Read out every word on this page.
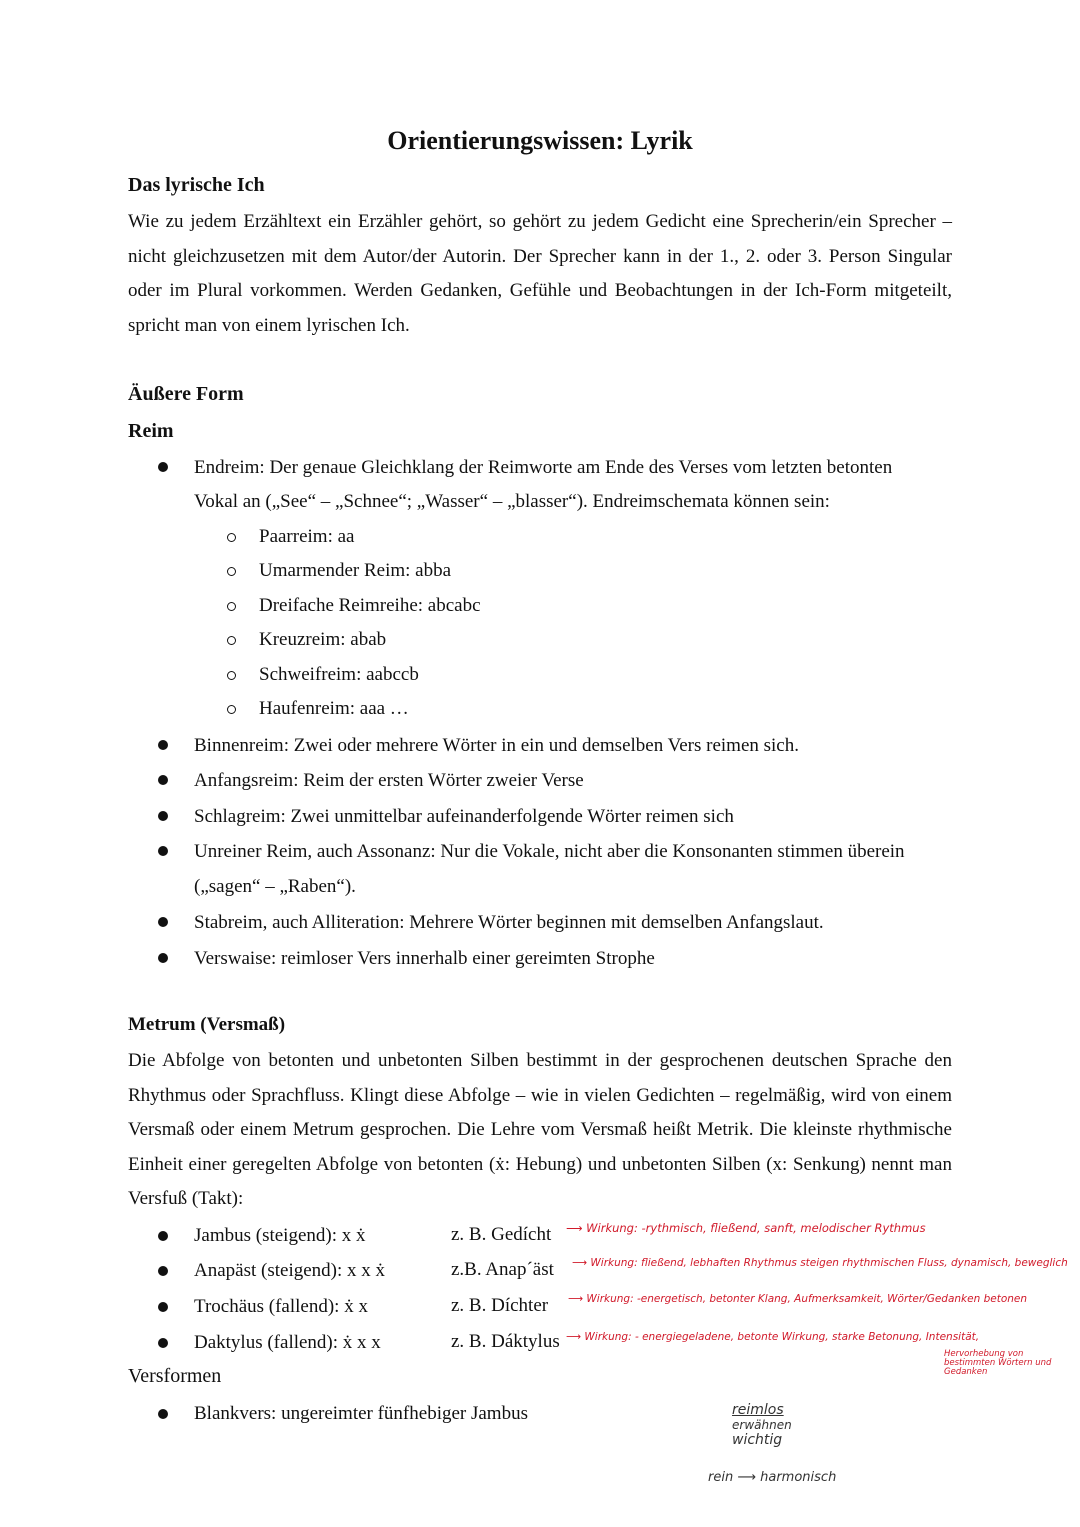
Orientierungswissen: Lyrik
Das lyrische Ich

Wie zu jedem Erzähltext ein Erzähler gehört, so gehört zu jedem Gedicht eine Sprecherin/ein Sprecher – nicht gleichzusetzen mit dem Autor/der Autorin. Der Sprecher kann in der 1., 2. oder 3. Person Singular oder im Plural vorkommen. Werden Gedanken, Gefühle und Beobachtungen in der Ich-Form mitgeteilt, spricht man von einem lyrischen Ich.

Äußere Form
Reim
Endreim: Der genaue Gleichklang der Reimworte am Ende des Verses vom letzten betonten
Vokal an („See“ – „Schnee“; „Wasser“ – „blasser“). Endreimschemata können sein:
Paarreim: aa
Umarmender Reim: abba
Dreifache Reimreihe: abcabc
Kreuzreim: abab
Schweifreim: aabccb
Haufenreim: aaa …
Binnenreim: Zwei oder mehrere Wörter in ein und demselben Vers reimen sich.
Anfangsreim: Reim der ersten Wörter zweier Verse
Schlagreim: Zwei unmittelbar aufeinanderfolgende Wörter reimen sich
Unreiner Reim, auch Assonanz: Nur die Vokale, nicht aber die Konsonanten stimmen überein
(„sagen“ – „Raben“).
Stabreim, auch Alliteration: Mehrere Wörter beginnen mit demselben Anfangslaut.
Verswaise: reimloser Vers innerhalb einer gereimten Strophe
Metrum (Versmaß)

Die Abfolge von betonten und unbetonten Silben bestimmt in der gesprochenen deutschen Sprache den Rhythmus oder Sprachfluss. Klingt diese Abfolge – wie in vielen Gedichten – regelmäßig, wird von einem Versmaß oder einem Metrum gesprochen. Die Lehre vom Versmaß heißt Metrik. Die kleinste rhythmische Einheit einer geregelten Abfolge von betonten (ẋ: Hebung) und unbetonten Silben (x: Senkung) nennt man Versfuß (Takt):

Jambus (steigend): x ẋ	z. B. Gedícht ⟶ Wirkung: -rythmisch, fließend, sanft, melodischer Rythmus
Anapäst (steigend): x x ẋ	z.B. Anap´äst ⟶ Wirkung: fließend, lebhaften Rhythmus steigen rhythmischen Fluss, dynamisch, beweglich
Trochäus (fallend): ẋ x	z. B. Díchter ⟶ Wirkung: -energetisch, betonter Klang, Aufmerksamkeit, Wörter/Gedanken betonen
Daktylus (fallend): ẋ x x	z. B. Dáktylus ⟶ Wirkung: - energiegeladene, betonte Wirkung, starke Betonung, Intensität,
Hervorhebung von bestimmten Wörtern und Gedanken
Versformen
Blankvers: ungereimter fünfhebiger Jambus	reimlos
erwähnen
wichtig
rein ⟶ harmonisch
